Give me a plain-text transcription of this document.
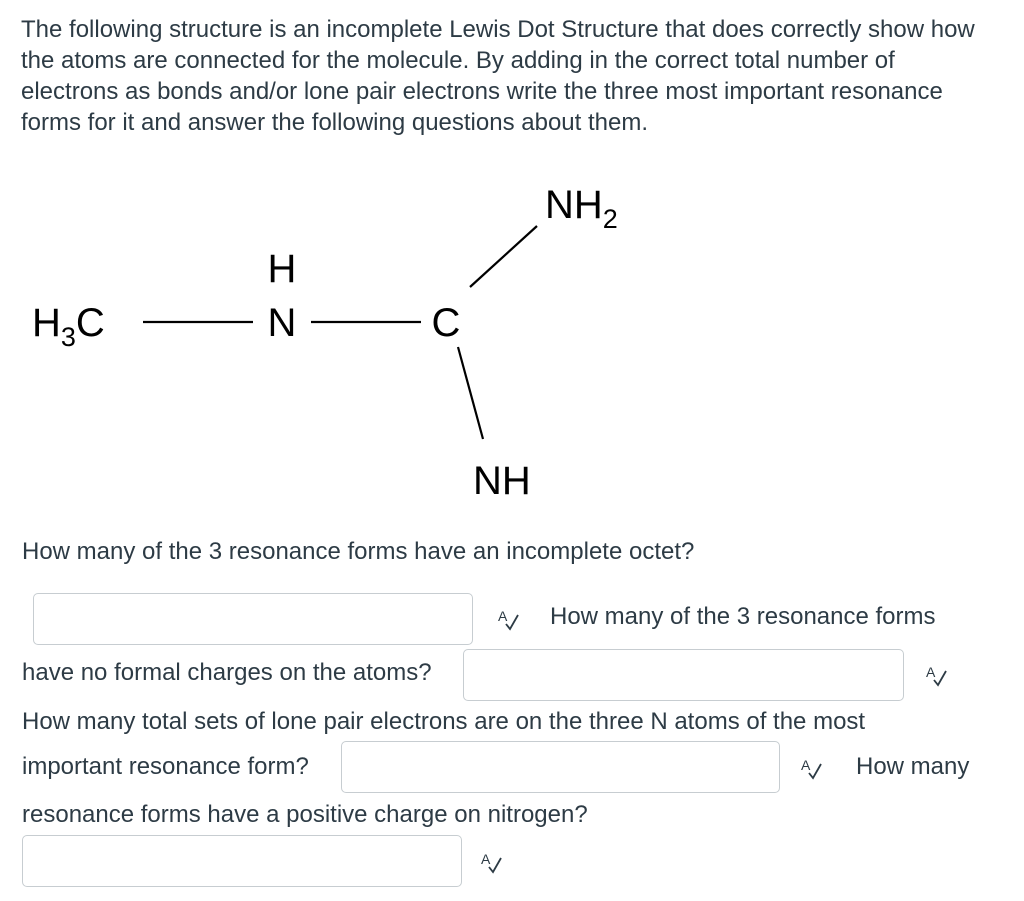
The following structure is an incomplete Lewis Dot Structure that does correctly show how the atoms are connected for the molecule. By adding in the correct total number of electrons as bonds and/or lone pair electrons write the three most important resonance forms for it and answer the following questions about them.

$H_3C$
H
N	C
$NH_2$
NH
How many of the 3 resonance forms have an incomplete octet?
A How many of the 3 resonance forms
have no formal charges on the atoms?	A
How many total sets of lone pair electrons are on the three N atoms of the most
important resonance form?	A How many
resonance forms have a positive charge on nitrogen?
A
